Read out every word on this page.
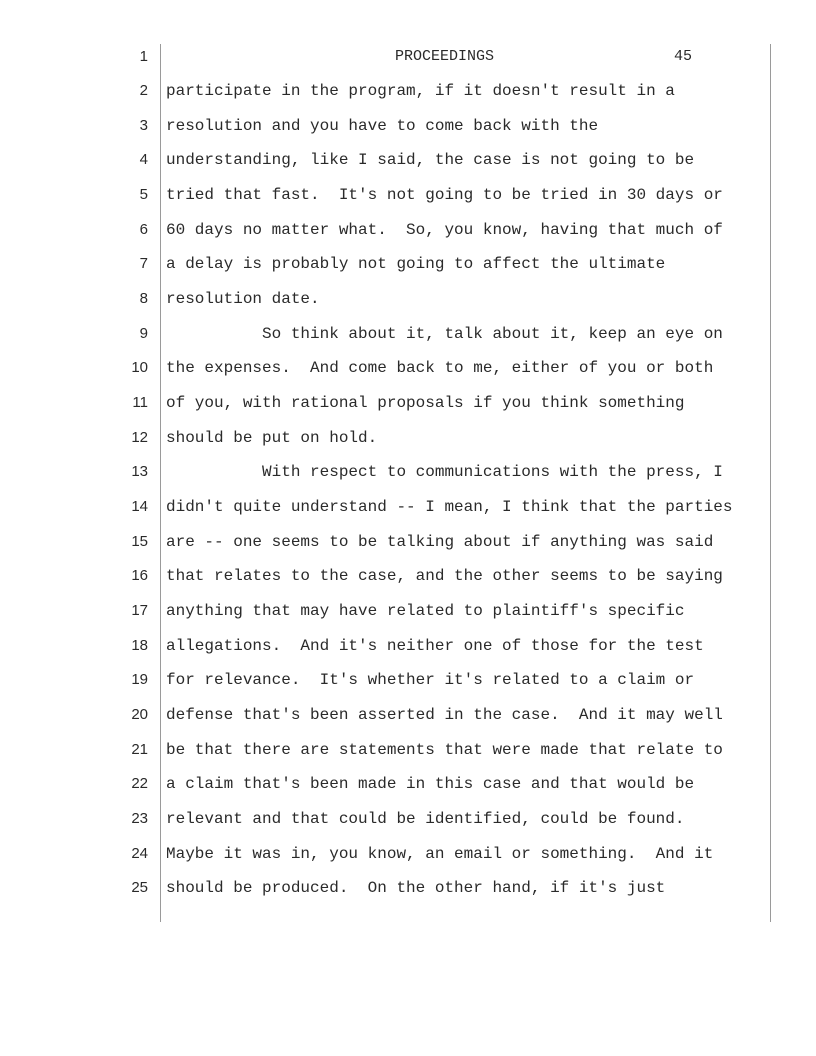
1	PROCEEDINGS	45
2 participate in the program, if it doesn't result in a
3 resolution and you have to come back with the
4 understanding, like I said, the case is not going to be
5 tried that fast.  It's not going to be tried in 30 days or
6 60 days no matter what.  So, you know, having that much of
7 a delay is probably not going to affect the ultimate
8 resolution date.
9 So think about it, talk about it, keep an eye on
10 the expenses.  And come back to me, either of you or both
11 of you, with rational proposals if you think something
12 should be put on hold.
13 With respect to communications with the press, I
14 didn't quite understand -- I mean, I think that the parties
15 are -- one seems to be talking about if anything was said
16 that relates to the case, and the other seems to be saying
17 anything that may have related to plaintiff's specific
18 allegations.  And it's neither one of those for the test
19 for relevance.  It's whether it's related to a claim or
20 defense that's been asserted in the case.  And it may well
21 be that there are statements that were made that relate to
22 a claim that's been made in this case and that would be
23 relevant and that could be identified, could be found.
24 Maybe it was in, you know, an email or something.  And it
25 should be produced.  On the other hand, if it's just
